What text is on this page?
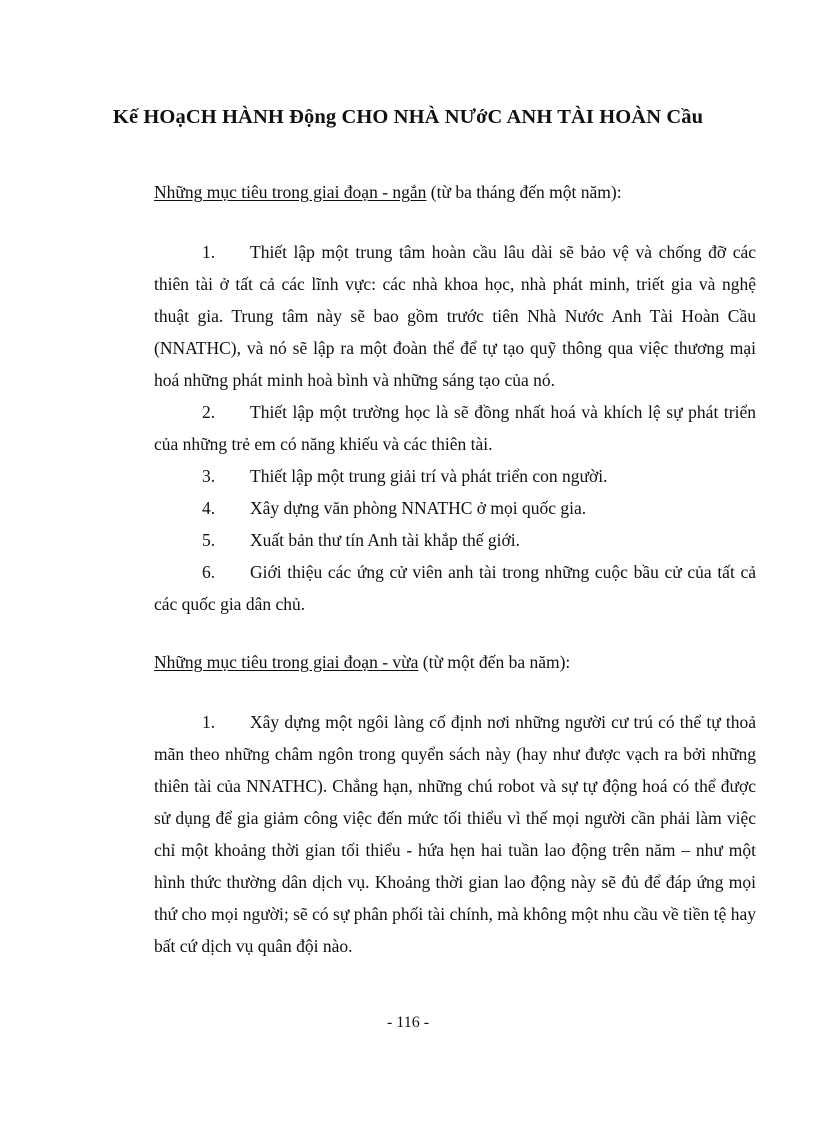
Kế HOạCH HÀNH Động CHO NHÀ NƯớC ANH TÀI HOÀN Cầu
Những mục tiêu trong giai đoạn - ngắn (từ ba tháng đến một năm):

1. Thiết lập một trung tâm hoàn cầu lâu dài sẽ bảo vệ và chống đỡ các thiên tài ở tất cả các lĩnh vực: các nhà khoa học, nhà phát minh, triết gia và nghệ thuật gia. Trung tâm này sẽ bao gồm trước tiên Nhà Nước Anh Tài Hoàn Cầu (NNATHC), và nó sẽ lập ra một đoàn thể để tự tạo quỹ thông qua việc thương mại hoá những phát minh hoà bình và những sáng tạo của nó.

2. Thiết lập một trường học là sẽ đồng nhất hoá và khích lệ sự phát triển của những trẻ em có năng khiếu và các thiên tài.

3. Thiết lập một trung giải trí và phát triển con người.

4. Xây dựng văn phòng NNATHC ở mọi quốc gia.

5. Xuất bản thư tín Anh tài khắp thế giới.

6. Giới thiệu các ứng cử viên anh tài trong những cuộc bầu cử của tất cả các quốc gia dân chủ.

Những mục tiêu trong giai đoạn - vừa (từ một đến ba năm):

1. Xây dựng một ngôi làng cố định nơi những người cư trú có thể tự thoả mãn theo những châm ngôn trong quyển sách này (hay như được vạch ra bởi những thiên tài của NNATHC). Chẳng hạn, những chú robot và sự tự động hoá có thể được sử dụng để gia giảm công việc đến mức tối thiểu vì thế mọi người cần phải làm việc chỉ một khoảng thời gian tối thiểu - hứa hẹn hai tuần lao động trên năm – như một hình thức thường dân dịch vụ. Khoảng thời gian lao động này sẽ đủ để đáp ứng mọi thứ cho mọi người; sẽ có sự phân phối tài chính, mà không một nhu cầu về tiền tệ hay bất cứ dịch vụ quân đội nào.

- 116 -
